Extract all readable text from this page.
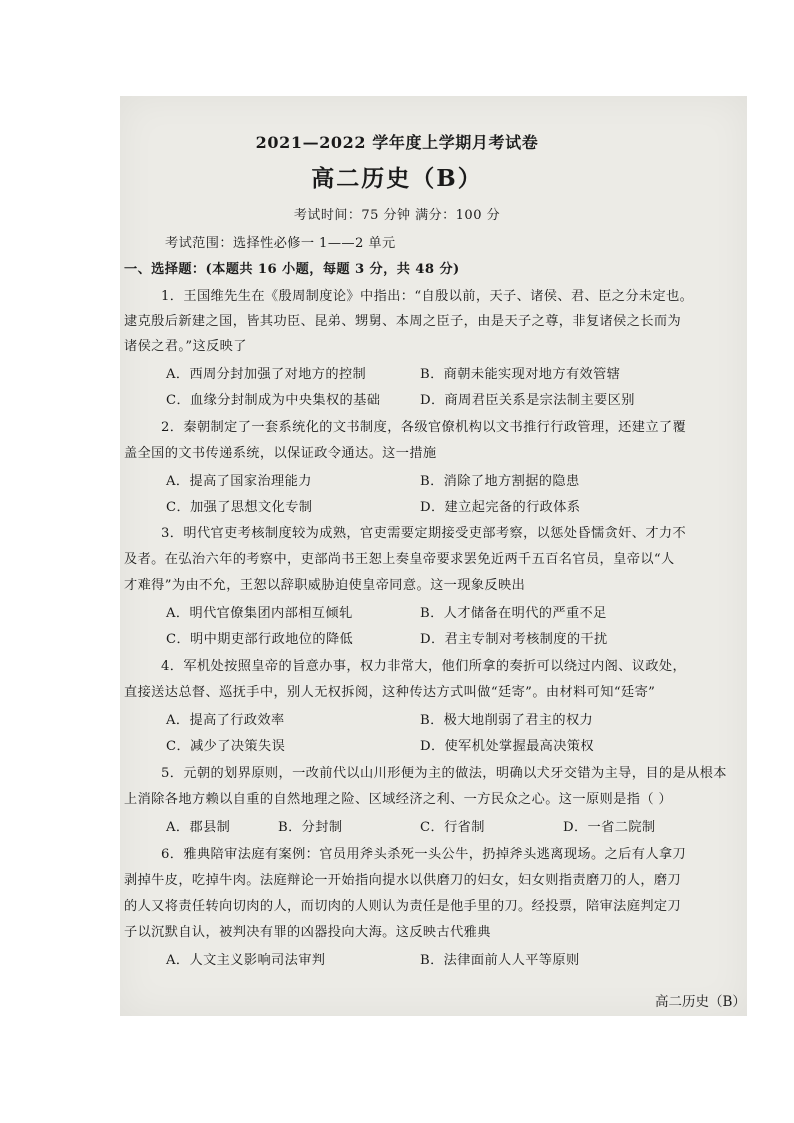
2021—2022 学年度上学期月考试卷
高二历史（B）
考试时间：75 分钟 满分：100 分
考试范围：选择性必修一 1——2 单元
一、选择题：(本题共 16 小题，每题 3 分，共 48 分)
1．王国维先生在《殷周制度论》中指出：“自殷以前，天子、诸侯、君、臣之分未定也。
逮克殷后新建之国，皆其功臣、昆弟、甥舅、本周之臣子，由是天子之尊，非复诸侯之长而为
诸侯之君。”这反映了
A．西周分封加强了对地方的控制	B．商朝未能实现对地方有效管辖
C．血缘分封制成为中央集权的基础	D．商周君臣关系是宗法制主要区别
2．秦朝制定了一套系统化的文书制度，各级官僚机构以文书推行行政管理，还建立了覆
盖全国的文书传递系统，以保证政令通达。这一措施
A．提高了国家治理能力	B．消除了地方割据的隐患
C．加强了思想文化专制	D．建立起完备的行政体系
3．明代官吏考核制度较为成熟，官吏需要定期接受吏部考察，以惩处昏懦贪奸、才力不
及者。在弘治六年的考察中，吏部尚书王恕上奏皇帝要求罢免近两千五百名官员，皇帝以“人
才难得”为由不允，王恕以辞职威胁迫使皇帝同意。这一现象反映出
A．明代官僚集团内部相互倾轧	B．人才储备在明代的严重不足
C．明中期吏部行政地位的降低	D．君主专制对考核制度的干扰
4．军机处按照皇帝的旨意办事，权力非常大，他们所拿的奏折可以绕过内阁、议政处，
直接送达总督、巡抚手中，别人无权拆阅，这种传达方式叫做“廷寄”。由材料可知“廷寄”
A．提高了行政效率	B．极大地削弱了君主的权力
C．减少了决策失误	D．使军机处掌握最高决策权
5．元朝的划界原则，一改前代以山川形便为主的做法，明确以犬牙交错为主导，目的是从根本
上消除各地方赖以自重的自然地理之险、区域经济之利、一方民众之心。这一原则是指（ ）
A．郡县制	B．分封制	C．行省制	D．一省二院制
6．雅典陪审法庭有案例：官员用斧头杀死一头公牛，扔掉斧头逃离现场。之后有人拿刀
剥掉牛皮，吃掉牛肉。法庭辩论一开始指向提水以供磨刀的妇女，妇女则指责磨刀的人，磨刀
的人又将责任转向切肉的人，而切肉的人则认为责任是他手里的刀。经投票，陪审法庭判定刀
子以沉默自认，被判决有罪的凶器投向大海。这反映古代雅典
A．人文主义影响司法审判	B．法律面前人人平等原则
高二历史（B）
